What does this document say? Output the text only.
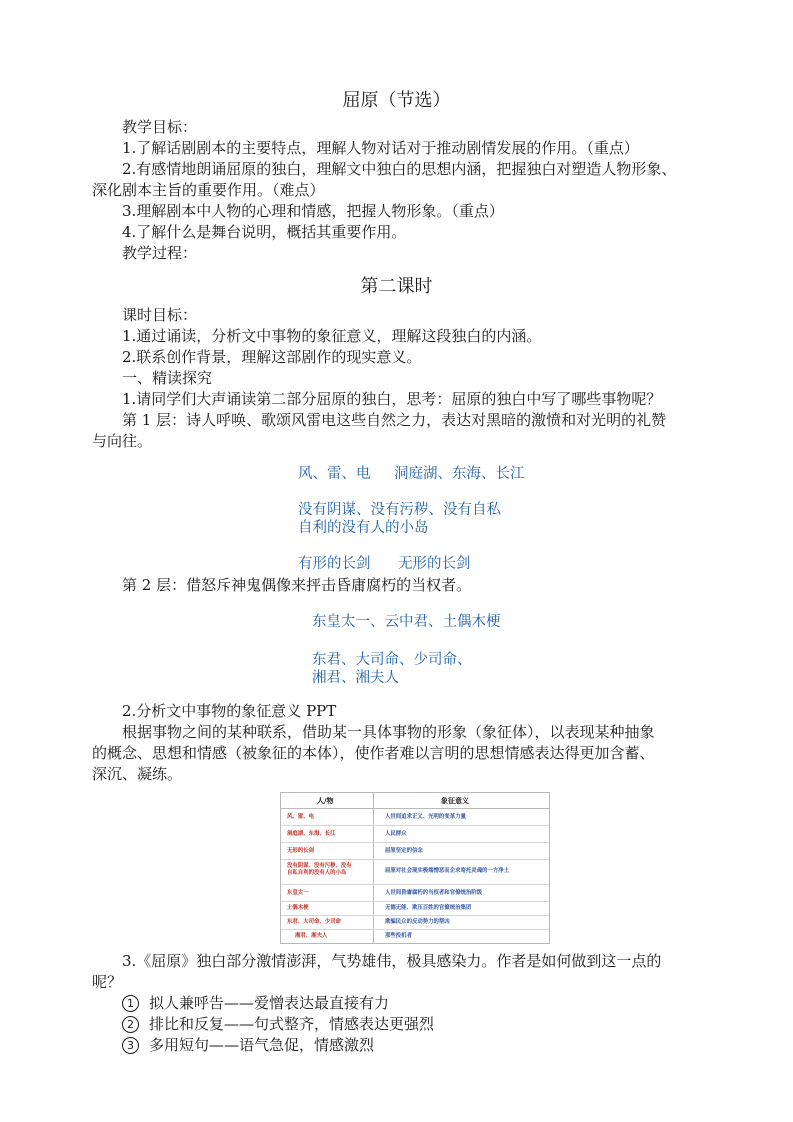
屈原（节选）
教学目标：
1.了解话剧剧本的主要特点，理解人物对话对于推动剧情发展的作用。（重点）
2.有感情地朗诵屈原的独白，理解文中独白的思想内涵，把握独白对塑造人物形象、
深化剧本主旨的重要作用。（难点）
3.理解剧本中人物的心理和情感，把握人物形象。（重点）
4.了解什么是舞台说明，概括其重要作用。
教学过程：
第二课时
课时目标：
1.通过诵读，分析文中事物的象征意义，理解这段独白的内涵。
2.联系创作背景，理解这部剧作的现实意义。
一、精读探究
1.请同学们大声诵读第二部分屈原的独白，思考：屈原的独白中写了哪些事物呢？
第 1 层：诗人呼唤、歌颂风雷电这些自然之力，表达对黑暗的激愤和对光明的礼赞
与向往。
风、雷、电 洞庭湖、东海、长江
没有阴谋、没有污秽、没有自私
自利的没有人的小岛
有形的长剑 无形的长剑
第 2 层：借怒斥神鬼偶像来抨击昏庸腐朽的当权者。
东皇太一、云中君、土偶木梗
东君、大司命、少司命、
湘君、湘夫人
2.分析文中事物的象征意义 PPT
根据事物之间的某种联系，借助某一具体事物的形象（象征体），以表现某种抽象
的概念、思想和情感（被象征的本体），使作者难以言明的思想情感表达得更加含蓄、
深沉、凝练。
人/物	象征意义
风、雷、电	人世间追求正义、光明的变革力量
洞庭湖、东海、长江	人民群众
无形的长剑	屈原坚定的信念
没有阴谋、没有污秽、没有
自私自利的没有人的小岛	屈原对社会现实极端憎恶而企求寄托灵魂的一方净土
东皇太一	人世间昏庸腐朽的当权者和官僚统治阶级
土偶木梗	无德无能、欺压百姓的官僚统治集团
东君、大司命、少司命	欺骗民众的反动势力的帮凶
湘君、湘夫人	那些投机者
3.《屈原》独白部分激情澎湃，气势雄伟，极具感染力。作者是如何做到这一点的
呢？
1 拟人兼呼告——爱憎表达最直接有力
2 排比和反复——句式整齐，情感表达更强烈
3 多用短句——语气急促，情感激烈
